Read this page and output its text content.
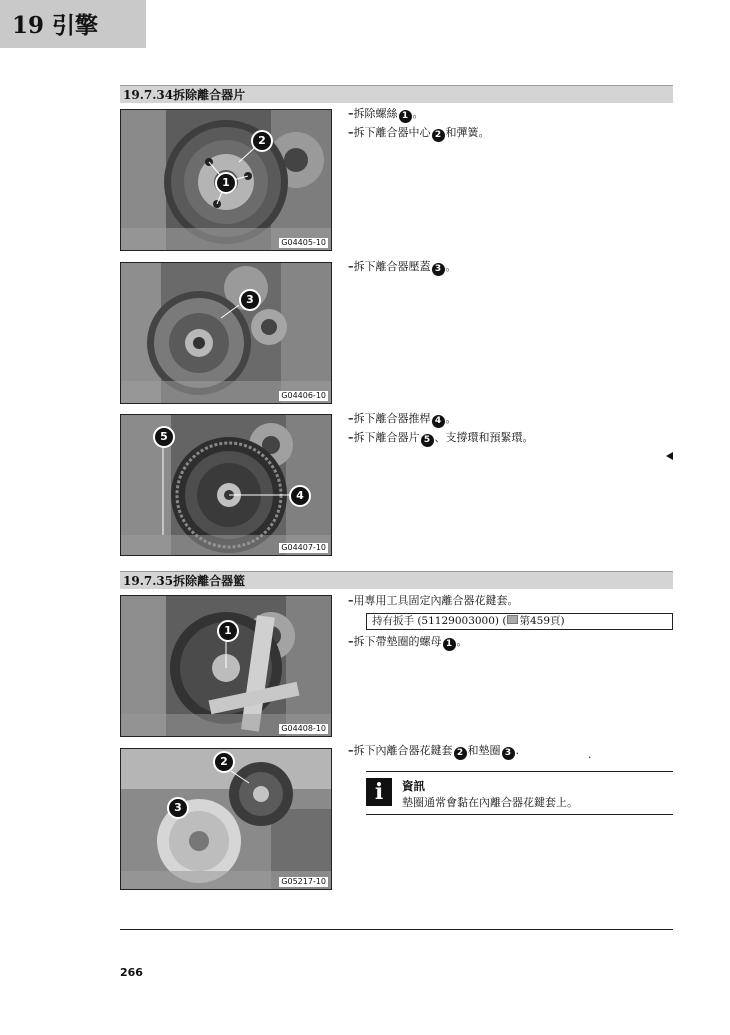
19 引擎
19.7.34拆除離合器片
2
1
G04405-10
–拆除螺絲 1 。
–拆下離合器中心 2 和彈簧。
3
G04406-10
–拆下離合器壓蓋 3 。
5
4
G04407-10
–拆下離合器推桿 4 。
–拆下離合器片 5 、支撐環和預緊環。
19.7.35拆除離合器籃
1
G04408-10
–用專用工具固定內離合器花鍵套。
持有扳手 (51129003000) ( 第459頁)
–拆下帶墊圈的螺母 1 。
2
3
G05217-10
–拆下內離合器花鍵套 2 和墊圈 3 .	.
i	資訊
墊圈通常會黏在內離合器花鍵套上。
266
